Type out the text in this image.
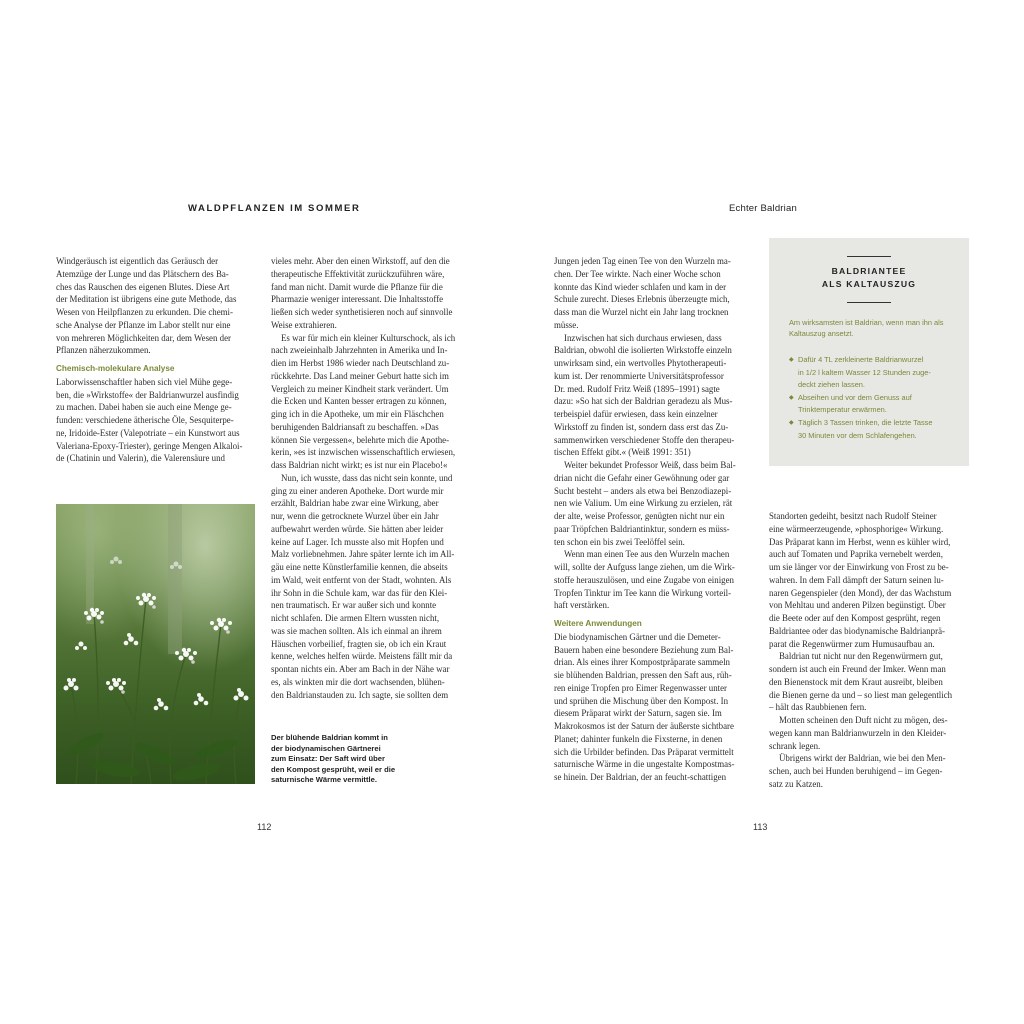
WALDPFLANZEN IM SOMMER	Echter Baldrian

Windgeräusch ist eigentlich das Geräusch der
Atemzüge der Lunge und das Plätschern des Ba-
ches das Rauschen des eigenen Blutes. Diese Art
der Meditation ist übrigens eine gute Methode, das
Wesen von Heilpflanzen zu erkunden. Die chemi-
sche Analyse der Pflanze im Labor stellt nur eine
von mehreren Möglichkeiten dar, dem Wesen der
Pflanzen näherzukommen.

Chemisch-molekulare Analyse

Laborwissenschaftler haben sich viel Mühe gege-
ben, die »Wirkstoffe« der Baldrianwurzel ausfindig
zu machen. Dabei haben sie auch eine Menge ge-
funden: verschiedene ätherische Öle, Sesquiterpe-
ne, Iridoide-Ester (Valepotriate – ein Kunstwort aus
Valeriana-Epoxy-Triester), geringe Mengen Alkaloi-
de (Chatinin und Valerin), die Valerensäure und

vieles mehr. Aber den einen Wirkstoff, auf den die
therapeutische Effektivität zurückzuführen wäre,
fand man nicht. Damit wurde die Pflanze für die
Pharmazie weniger interessant. Die Inhaltsstoffe
ließen sich weder synthetisieren noch auf sinnvolle
Weise extrahieren.

Es war für mich ein kleiner Kulturschock, als ich
nach zweieinhalb Jahrzehnten in Amerika und In-
dien im Herbst 1986 wieder nach Deutschland zu-
rückkehrte. Das Land meiner Geburt hatte sich im
Vergleich zu meiner Kindheit stark verändert. Um
die Ecken und Kanten besser ertragen zu können,
ging ich in die Apotheke, um mir ein Fläschchen
beruhigenden Baldriansaft zu beschaffen. »Das
können Sie vergessen«, belehrte mich die Apothe-
kerin, »es ist inzwischen wissenschaftlich erwiesen,
dass Baldrian nicht wirkt; es ist nur ein Placebo!«

Nun, ich wusste, dass das nicht sein konnte, und
ging zu einer anderen Apotheke. Dort wurde mir
erzählt, Baldrian habe zwar eine Wirkung, aber
nur, wenn die getrocknete Wurzel über ein Jahr
aufbewahrt werden würde. Sie hätten aber leider
keine auf Lager. Ich musste also mit Hopfen und
Malz vorliebnehmen. Jahre später lernte ich im All-
gäu eine nette Künstlerfamilie kennen, die abseits
im Wald, weit entfernt von der Stadt, wohnten. Als
ihr Sohn in die Schule kam, war das für den Klei-
nen traumatisch. Er war außer sich und konnte
nicht schlafen. Die armen Eltern wussten nicht,
was sie machen sollten. Als ich einmal an ihrem
Häuschen vorbeilief, fragten sie, ob ich ein Kraut
kenne, welches helfen würde. Meistens fällt mir da
spontan nichts ein. Aber am Bach in der Nähe war
es, als winkten mir die dort wachsenden, blühen-
den Baldrianstauden zu. Ich sagte, sie sollten dem

Der blühende Baldrian kommt in
der biodynamischen Gärtnerei
zum Einsatz: Der Saft wird über
den Kompost gesprüht, weil er die
saturnische Wärme vermittle.
112

Jungen jeden Tag einen Tee von den Wurzeln ma-
chen. Der Tee wirkte. Nach einer Woche schon
konnte das Kind wieder schlafen und kam in der
Schule zurecht. Dieses Erlebnis überzeugte mich,
dass man die Wurzel nicht ein Jahr lang trocknen
müsse.

Inzwischen hat sich durchaus erwiesen, dass
Baldrian, obwohl die isolierten Wirkstoffe einzeln
unwirksam sind, ein wertvolles Phytotherapeuti-
kum ist. Der renommierte Universitätsprofessor
Dr. med. Rudolf Fritz Weiß (1895–1991) sagte
dazu: »So hat sich der Baldrian geradezu als Mus-
terbeispiel dafür erwiesen, dass kein einzelner
Wirkstoff zu finden ist, sondern dass erst das Zu-
sammenwirken verschiedener Stoffe den therapeu-
tischen Effekt gibt.« (Weiß 1991: 351)

Weiter bekundet Professor Weiß, dass beim Bal-
drian nicht die Gefahr einer Gewöhnung oder gar
Sucht besteht – anders als etwa bei Benzodiazepi-
nen wie Valium. Um eine Wirkung zu erzielen, rät
der alte, weise Professor, genügten nicht nur ein
paar Tröpfchen Baldriantinktur, sondern es müss-
ten schon ein bis zwei Teelöffel sein.

Wenn man einen Tee aus den Wurzeln machen
will, sollte der Aufguss lange ziehen, um die Wirk-
stoffe herauszulösen, und eine Zugabe von einigen
Tropfen Tinktur im Tee kann die Wirkung vorteil-
haft verstärken.

Weitere Anwendungen

Die biodynamischen Gärtner und die Demeter-
Bauern haben eine besondere Beziehung zum Bal-
drian. Als eines ihrer Kompostpräparate sammeln
sie blühenden Baldrian, pressen den Saft aus, rüh-
ren einige Tropfen pro Eimer Regenwasser unter
und sprühen die Mischung über den Kompost. In
diesem Präparat wirkt der Saturn, sagen sie. Im
Makrokosmos ist der Saturn der äußerste sichtbare
Planet; dahinter funkeln die Fixsterne, in denen
sich die Urbilder befinden. Das Präparat vermittelt
saturnische Wärme in die ungestalte Kompostmas-
se hinein. Der Baldrian, der an feucht-schattigen

BALDRIANTEE
ALS KALTAUSZUG
Am wirksamsten ist Baldrian, wenn man ihn als Kaltauszug ansetzt.
◆ Dafür 4 TL zerkleinerte Baldrianwurzel
in 1/2 l kaltem Wasser 12 Stunden zuge-
deckt ziehen lassen.
◆ Abseihen und vor dem Genuss auf
Trinktemperatur erwärmen.
◆ Täglich 3 Tassen trinken, die letzte Tasse
30 Minuten vor dem Schlafengehen.

Standorten gedeiht, besitzt nach Rudolf Steiner
eine wärmeerzeugende, »phosphorige« Wirkung.
Das Präparat kann im Herbst, wenn es kühler wird,
auch auf Tomaten und Paprika vernebelt werden,
um sie länger vor der Einwirkung von Frost zu be-
wahren. In dem Fall dämpft der Saturn seinen lu-
naren Gegenspieler (den Mond), der das Wachstum
von Mehltau und anderen Pilzen begünstigt. Über
die Beete oder auf den Kompost gesprüht, regen
Baldriantee oder das biodynamische Baldrianprä-
parat die Regenwürmer zum Humusaufbau an.

Baldrian tut nicht nur den Regenwürmern gut,
sondern ist auch ein Freund der Imker. Wenn man
den Bienenstock mit dem Kraut ausreibt, bleiben
die Bienen gerne da und – so liest man gelegentlich
– hält das Raubbienen fern.

Motten scheinen den Duft nicht zu mögen, des-
wegen kann man Baldrianwurzeln in den Kleider-
schrank legen.

Übrigens wirkt der Baldrian, wie bei den Men-
schen, auch bei Hunden beruhigend – im Gegen-
satz zu Katzen.

113
